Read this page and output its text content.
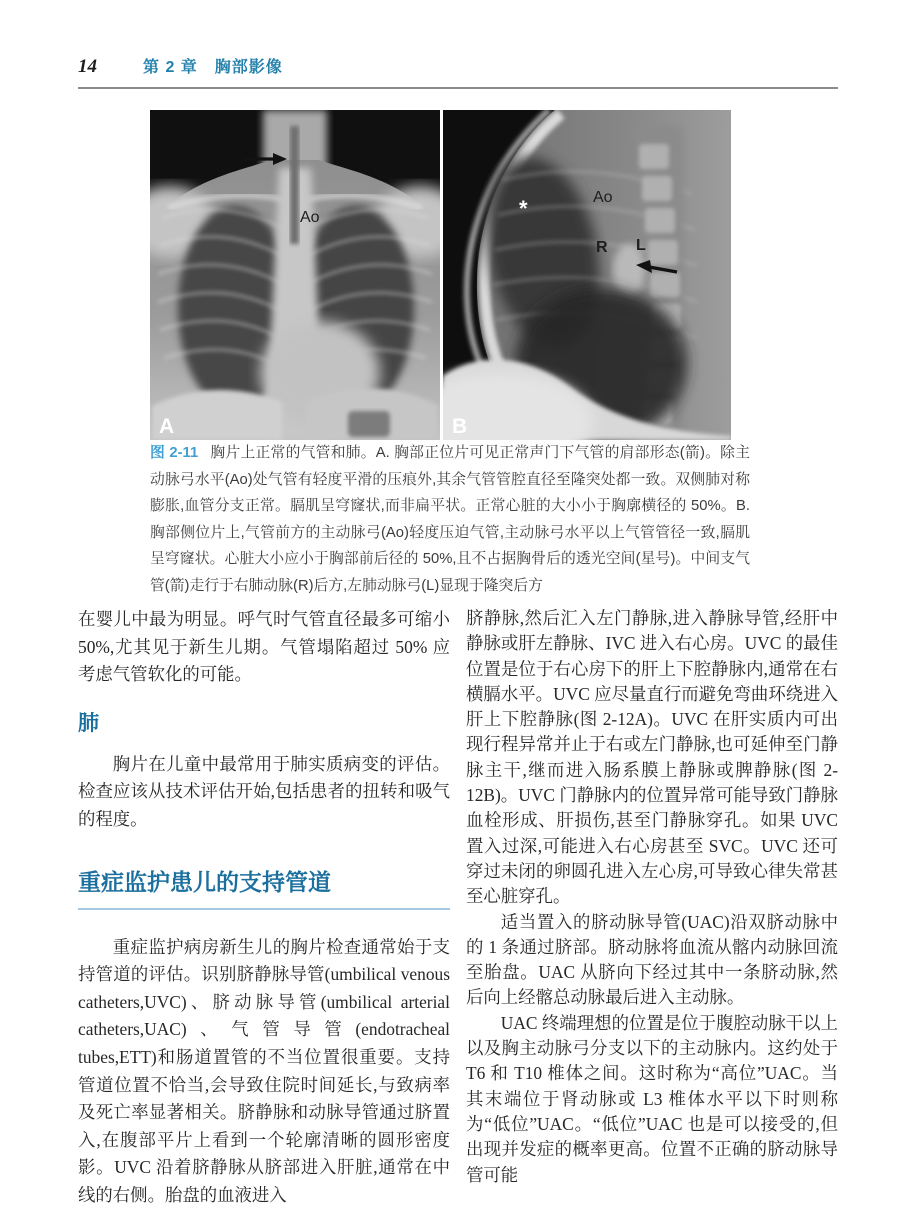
14	第 2 章　胸部影像
Ao
A
*	Ao
R L
B

图 2-11 胸片上正常的气管和肺。A. 胸部正位片可见正常声门下气管的肩部形态(箭)。除主动脉弓水平(Ao)处气管有轻度平滑的压痕外,其余气管管腔直径至隆突处都一致。双侧肺对称膨胀,血管分支正常。膈肌呈穹窿状,而非扁平状。正常心脏的大小小于胸廓横径的 50%。B. 胸部侧位片上,气管前方的主动脉弓(Ao)轻度压迫气管,主动脉弓水平以上气管管径一致,膈肌呈穹窿状。心脏大小应小于胸部前后径的 50%,且不占据胸骨后的透光空间(星号)。中间支气管(箭)走行于右肺动脉(R)后方,左肺动脉弓(L)显现于隆突后方

在婴儿中最为明显。呼气时气管直径最多可缩小 50%,尤其见于新生儿期。气管塌陷超过 50% 应考虑气管软化的可能。

肺

胸片在儿童中最常用于肺实质病变的评估。检查应该从技术评估开始,包括患者的扭转和吸气的程度。

重症监护患儿的支持管道

重症监护病房新生儿的胸片检查通常始于支持管道的评估。识别脐静脉导管(umbilical venous catheters,UVC)、脐动脉导管(umbilical arterial catheters,UAC)、气管导管(endotracheal tubes,ETT)和肠道置管的不当位置很重要。支持管道位置不恰当,会导致住院时间延长,与致病率及死亡率显著相关。脐静脉和动脉导管通过脐置入,在腹部平片上看到一个轮廓清晰的圆形密度影。UVC 沿着脐静脉从脐部进入肝脏,通常在中线的右侧。胎盘的血液进入

脐静脉,然后汇入左门静脉,进入静脉导管,经肝中静脉或肝左静脉、IVC 进入右心房。UVC 的最佳位置是位于右心房下的肝上下腔静脉内,通常在右横膈水平。UVC 应尽量直行而避免弯曲环绕进入肝上下腔静脉(图 2-12A)。UVC 在肝实质内可出现行程异常并止于右或左门静脉,也可延伸至门静脉主干,继而进入肠系膜上静脉或脾静脉(图 2-12B)。UVC 门静脉内的位置异常可能导致门静脉血栓形成、肝损伤,甚至门静脉穿孔。如果 UVC 置入过深,可能进入右心房甚至 SVC。UVC 还可穿过未闭的卵圆孔进入左心房,可导致心律失常甚至心脏穿孔。

适当置入的脐动脉导管(UAC)沿双脐动脉中的 1 条通过脐部。脐动脉将血流从髂内动脉回流至胎盘。UAC 从脐向下经过其中一条脐动脉,然后向上经髂总动脉最后进入主动脉。

UAC 终端理想的位置是位于腹腔动脉干以上以及胸主动脉弓分支以下的主动脉内。这约处于 T6 和 T10 椎体之间。这时称为“高位”UAC。当其末端位于肾动脉或 L3 椎体水平以下时则称为“低位”UAC。“低位”UAC 也是可以接受的,但出现并发症的概率更高。位置不正确的脐动脉导管可能
